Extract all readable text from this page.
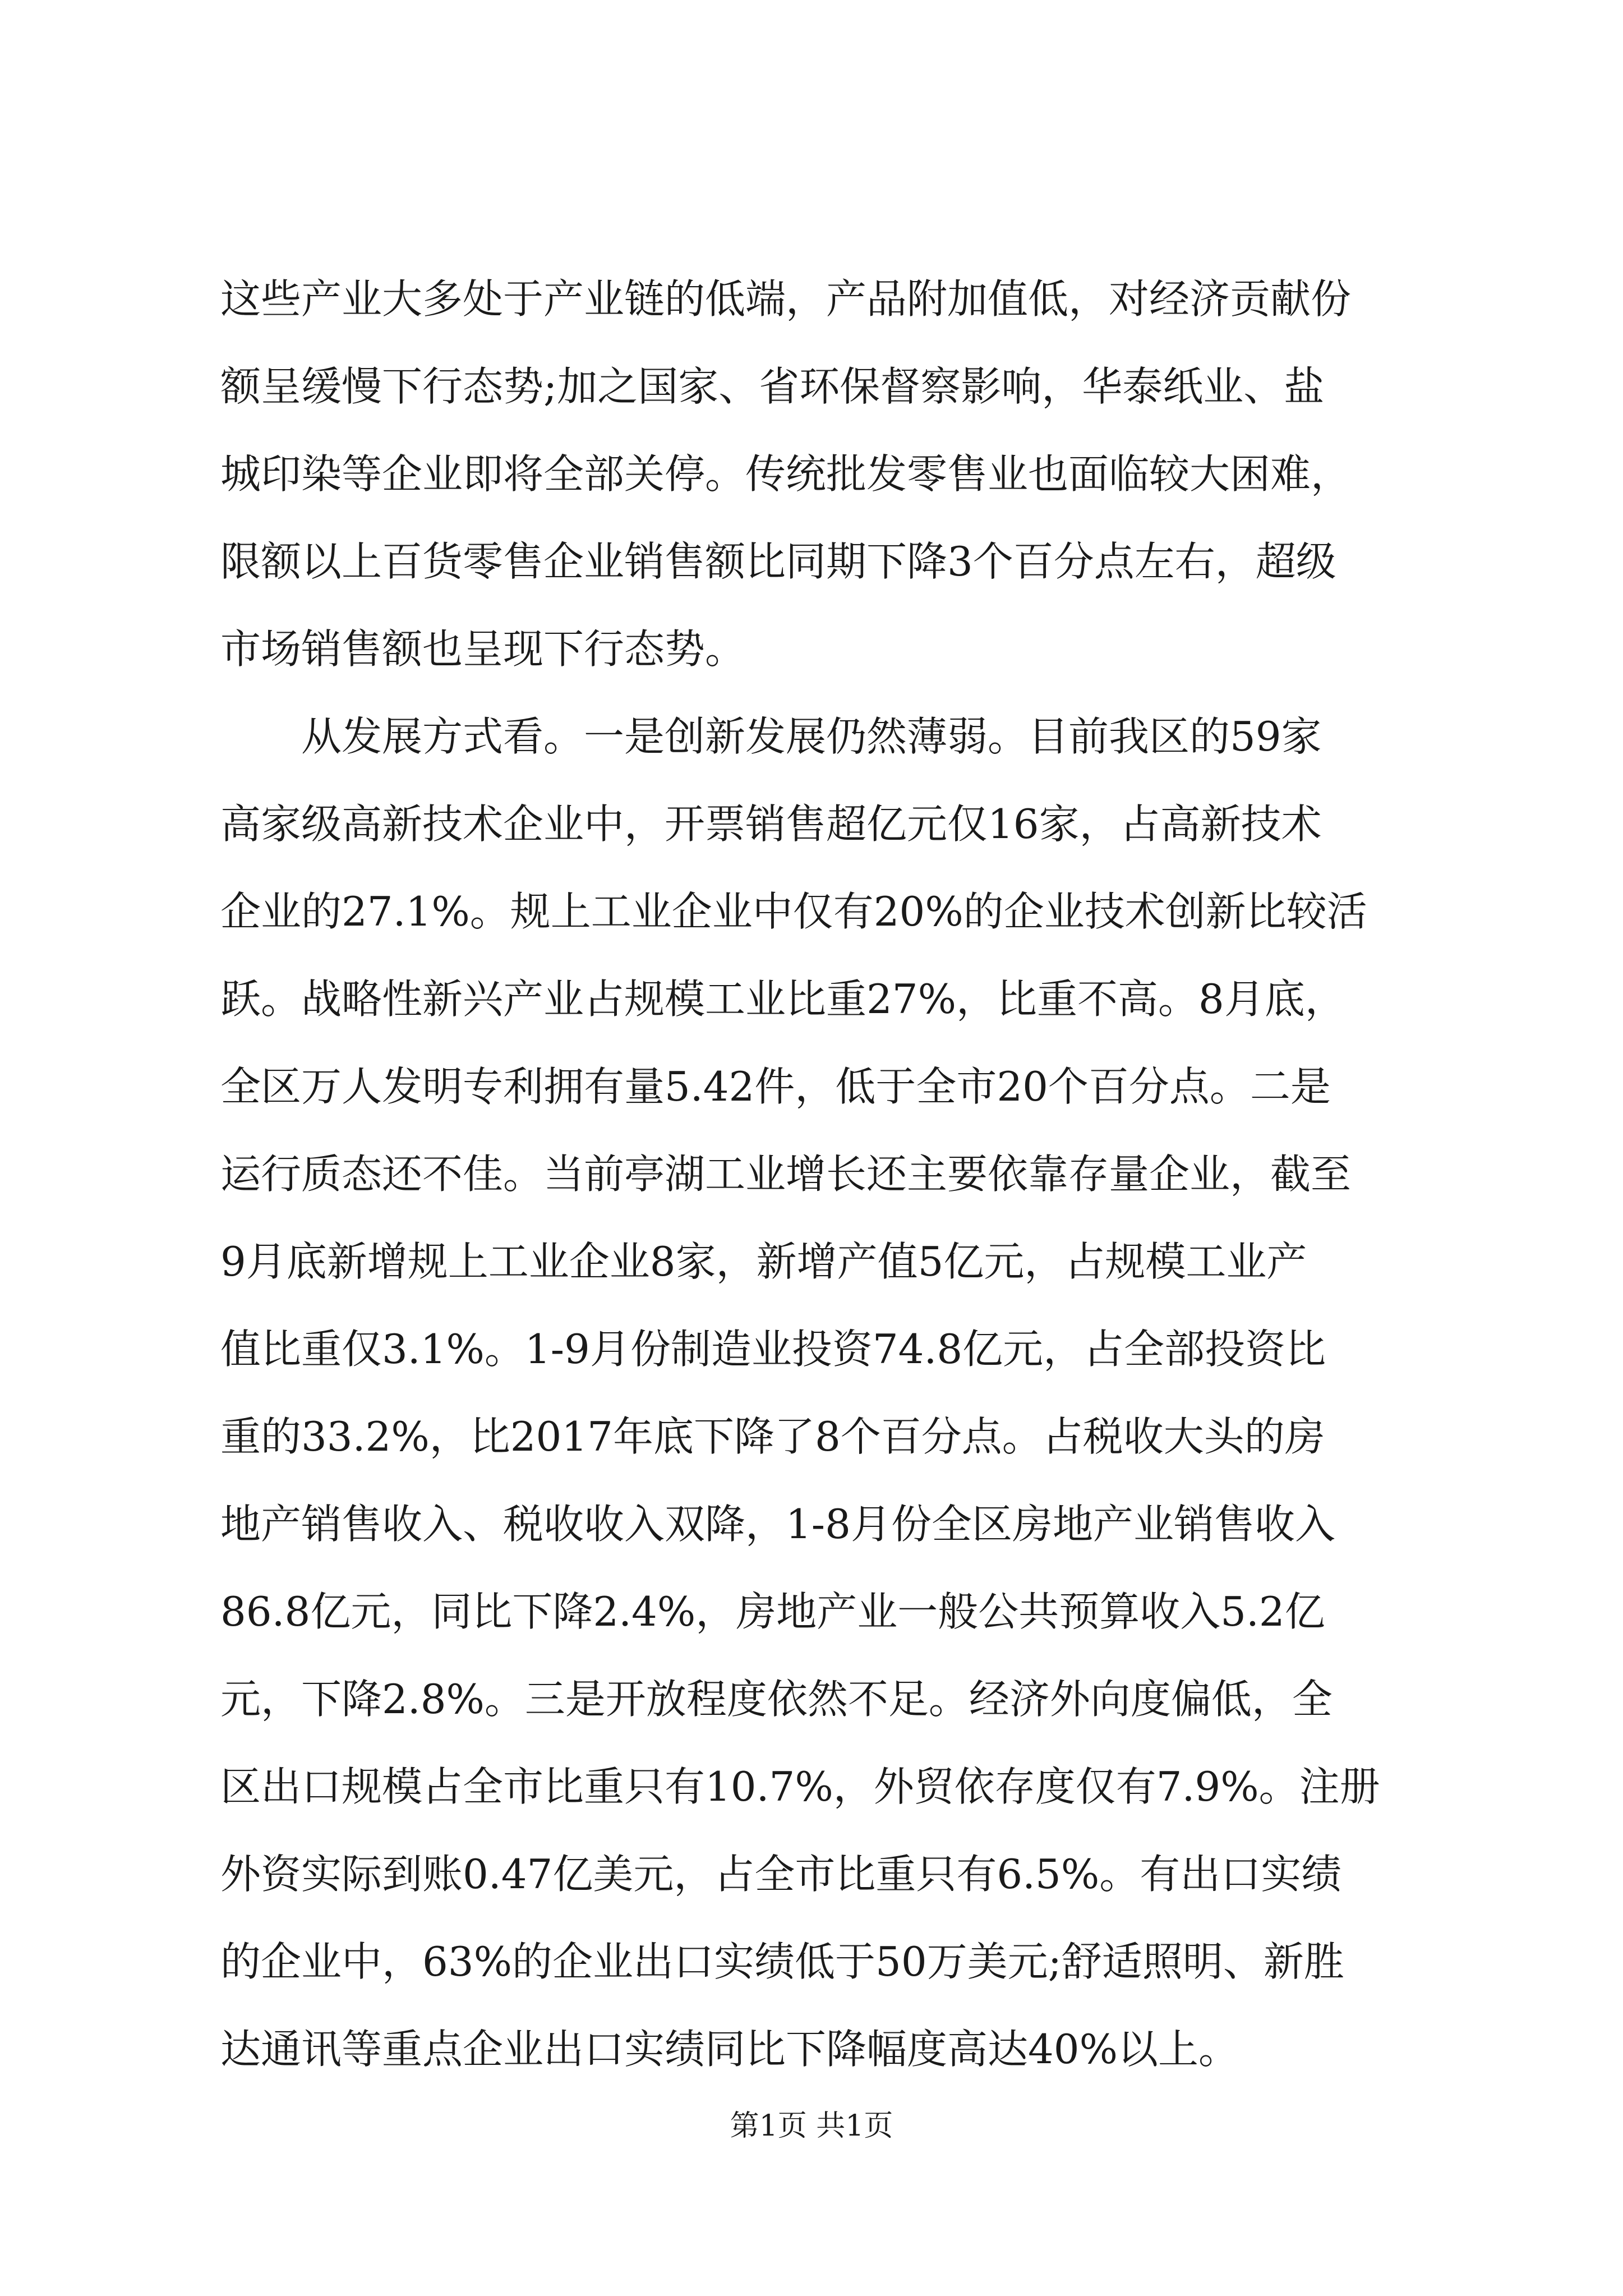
这些产业大多处于产业链的低端，产品附加值低，对经济贡献份
额呈缓慢下行态势;加之国家、省环保督察影响，华泰纸业、盐
城印染等企业即将全部关停。传统批发零售业也面临较大困难，
限额以上百货零售企业销售额比同期下降3个百分点左右，超级
市场销售额也呈现下行态势。
　　从发展方式看。一是创新发展仍然薄弱。目前我区的59家
高家级高新技术企业中，开票销售超亿元仅16家，占高新技术
企业的27.1%。规上工业企业中仅有20%的企业技术创新比较活
跃。战略性新兴产业占规模工业比重27%，比重不高。8月底，
全区万人发明专利拥有量5.42件，低于全市20个百分点。二是
运行质态还不佳。当前亭湖工业增长还主要依靠存量企业，截至
9月底新增规上工业企业8家，新增产值5亿元，占规模工业产
值比重仅3.1%。1-9月份制造业投资74.8亿元，占全部投资比
重的33.2%，比2017年底下降了8个百分点。占税收大头的房
地产销售收入、税收收入双降，1-8月份全区房地产业销售收入
86.8亿元，同比下降2.4%，房地产业一般公共预算收入5.2亿
元，下降2.8%。三是开放程度依然不足。经济外向度偏低，全
区出口规模占全市比重只有10.7%，外贸依存度仅有7.9%。注册
外资实际到账0.47亿美元，占全市比重只有6.5%。有出口实绩
的企业中，63%的企业出口实绩低于50万美元;舒适照明、新胜
达通讯等重点企业出口实绩同比下降幅度高达40%以上。
第1页 共1页
